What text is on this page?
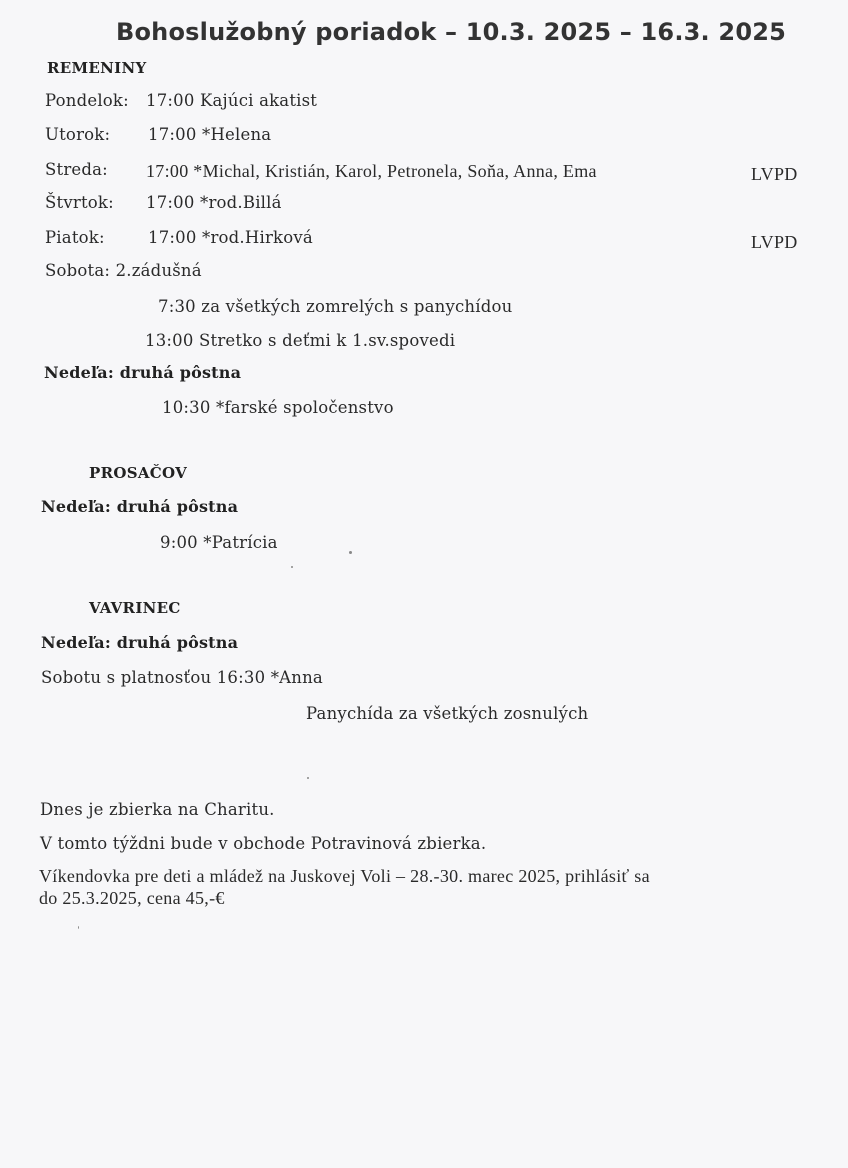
Bohoslužobný poriadok – 10.3. 2025 – 16.3. 2025
REMENINY
Pondelok: 17:00 Kajúci akatist
Utorok: 17:00 *Helena
Streda: 17:00 *Michal, Kristián, Karol, Petronela, Soňa, Anna, Ema	LVPD
Štvrtok: 17:00 *rod.Billá
Piatok:	17:00 *rod.Hirková	LVPD
Sobota: 2.zádušná
7:30 za všetkých zomrelých s panychídou
13:00 Stretko s deťmi k 1.sv.spovedi
Nedeľa: druhá pôstna
10:30 *farské spoločenstvo
PROSAČOV
Nedeľa: druhá pôstna
9:00 *Patrícia
VAVRINEC
Nedeľa: druhá pôstna
Sobotu s platnosťou 16:30 *Anna
Panychída za všetkých zosnulých
Dnes je zbierka na Charitu.
V tomto týždni bude v obchode Potravinová zbierka.
Víkendovka pre deti a mládež na Juskovej Voli – 28.-30. marec 2025, prihlásiť sa
do 25.3.2025, cena 45,-€
